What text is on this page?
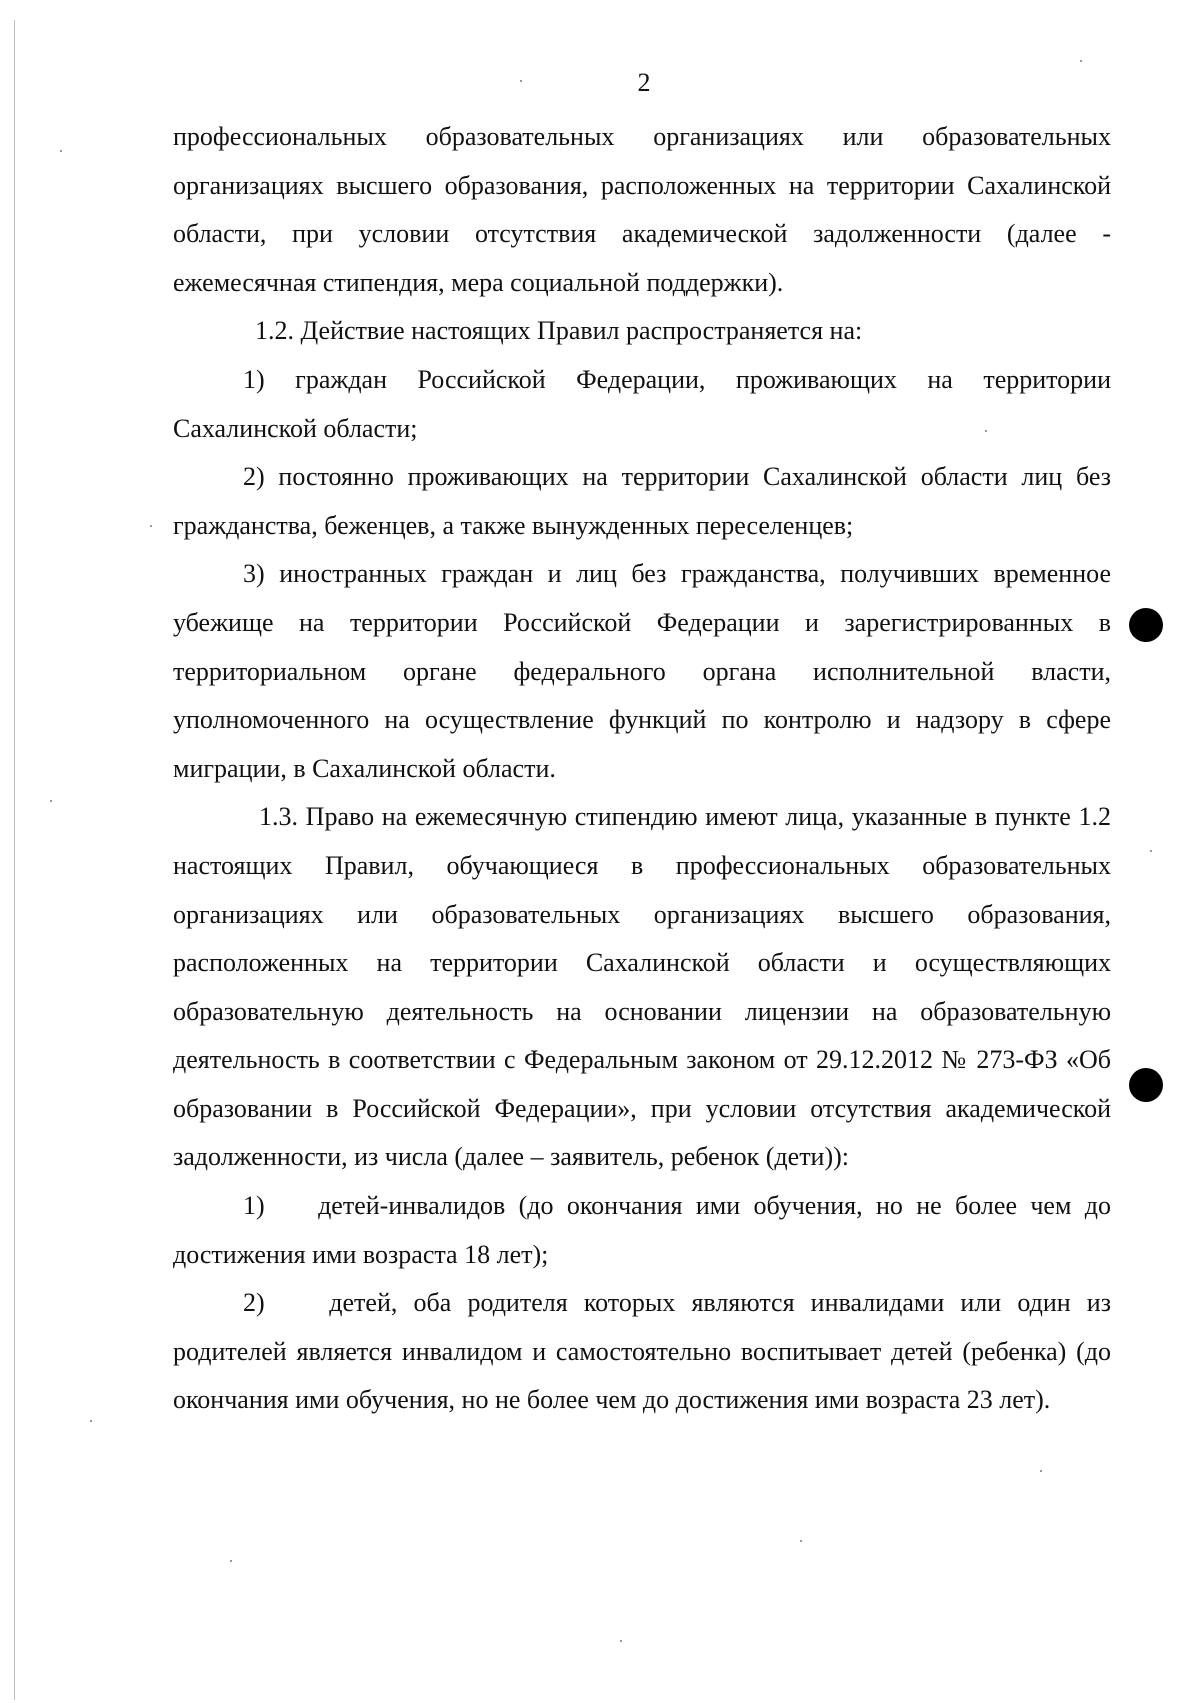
2

профессиональных образовательных организациях или образовательных организациях высшего образования, расположенных на территории Сахалинской области, при условии отсутствия академической задолженности (далее - ежемесячная стипендия, мера социальной поддержки).

1.2. Действие настоящих Правил распространяется на:

1) граждан Российской Федерации, проживающих на территории Сахалинской области;

2) постоянно проживающих на территории Сахалинской области лиц без гражданства, беженцев, а также вынужденных переселенцев;

3) иностранных граждан и лиц без гражданства, получивших временное убежище на территории Российской Федерации и зарегистрированных в территориальном органе федерального органа исполнительной власти, уполномоченного на осуществление функций по контролю и надзору в сфере миграции, в Сахалинской области.

1.3. Право на ежемесячную стипендию имеют лица, указанные в пункте 1.2 настоящих Правил, обучающиеся в профессиональных образовательных организациях или образовательных организациях высшего образования, расположенных на территории Сахалинской области и осуществляющих образовательную деятельность на основании лицензии на образовательную деятельность в соответствии с Федеральным законом от 29.12.2012 № 273-ФЗ «Об образовании в Российской Федерации», при условии отсутствия академической задолженности, из числа (далее – заявитель, ребенок (дети)):

1)    детей-инвалидов (до окончания ими обучения, но не более чем до достижения ими возраста 18 лет);

2)    детей, оба родителя которых являются инвалидами или один из родителей является инвалидом и самостоятельно воспитывает детей (ребенка) (до окончания ими обучения, но не более чем до достижения ими возраста 23 лет).
